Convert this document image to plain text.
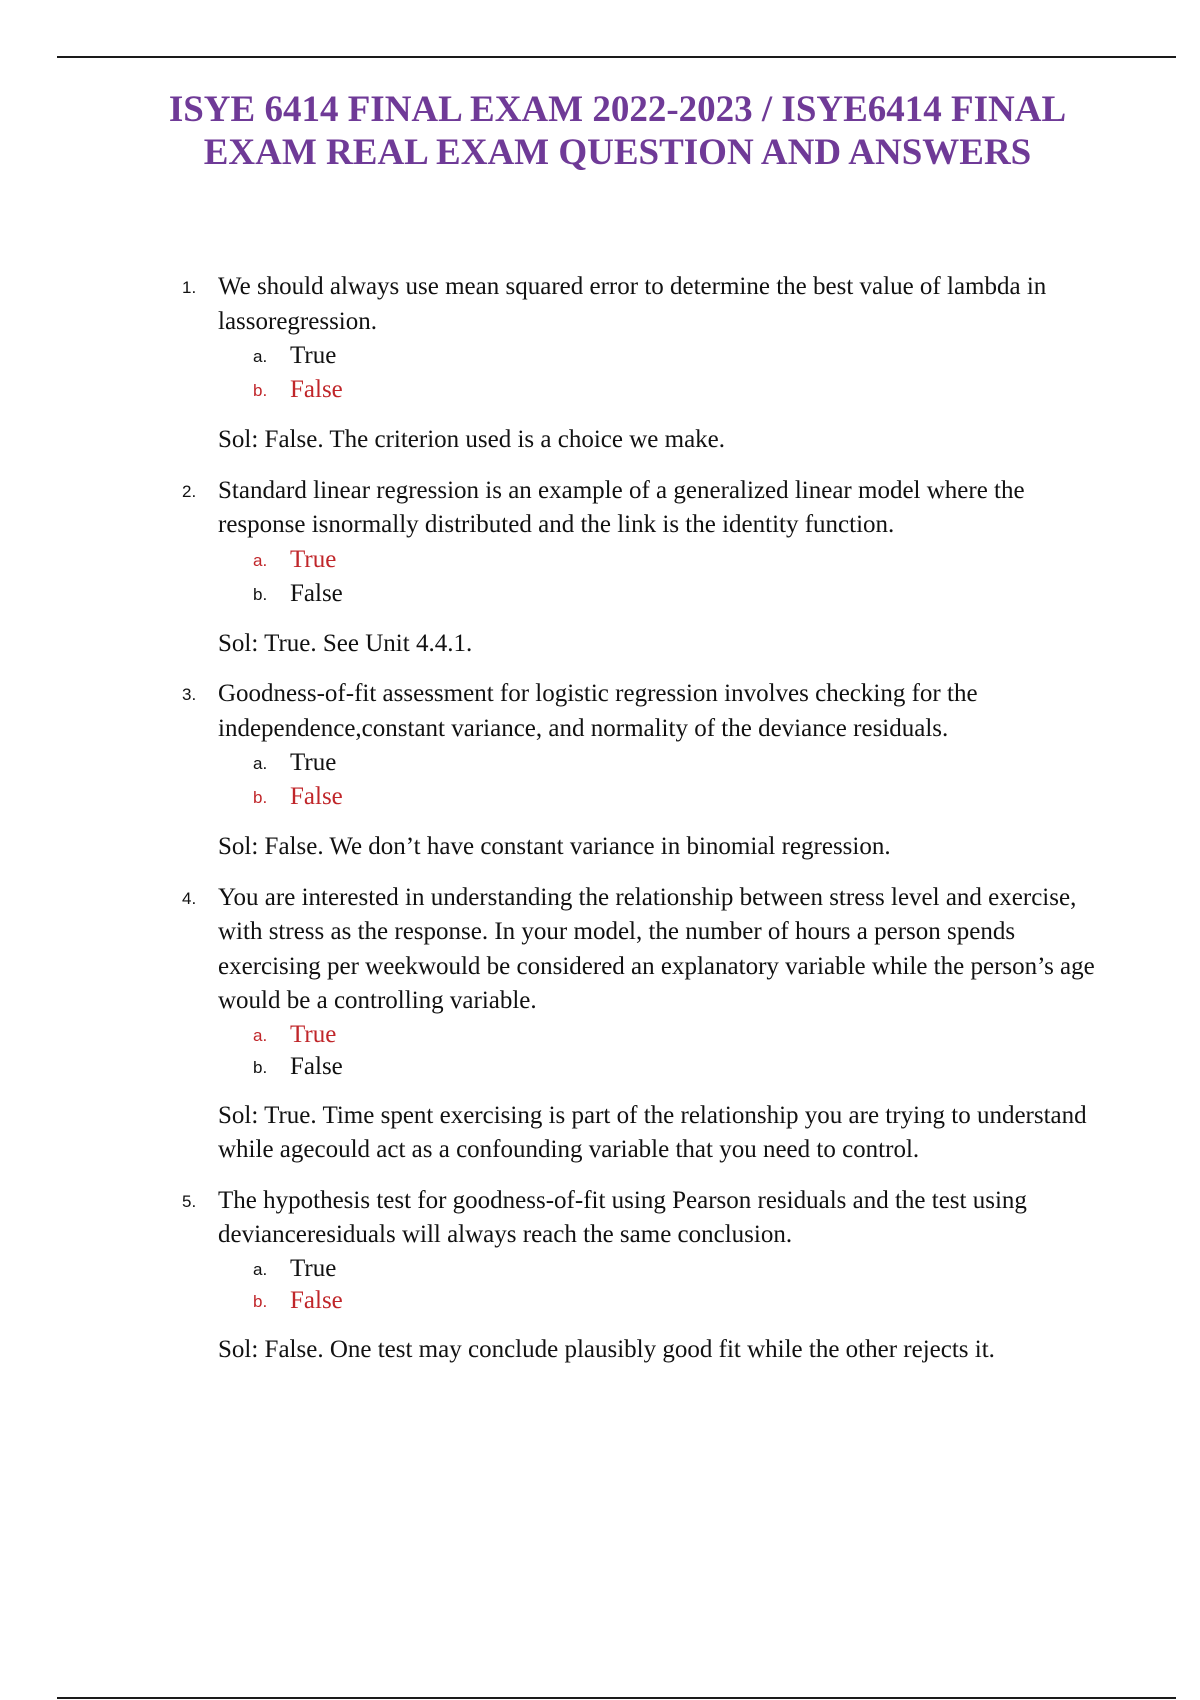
ISYE 6414 FINAL EXAM 2022-2023 / ISYE6414 FINAL
EXAM REAL EXAM QUESTION AND ANSWERS
1. We should always use mean squared error to determine the best value of lambda in lassoregression.
a. True
b. False
Sol: False. The criterion used is a choice we make.
2. Standard linear regression is an example of a generalized linear model where the response isnormally distributed and the link is the identity function.
a. True
b. False
Sol: True. See Unit 4.4.1.
3. Goodness-of-fit assessment for logistic regression involves checking for the independence,constant variance, and normality of the deviance residuals.
a. True
b. False
Sol: False. We don’t have constant variance in binomial regression.
4. You are interested in understanding the relationship between stress level and exercise, with stress as the response. In your model, the number of hours a person spends exercising per weekwould be considered an explanatory variable while the person’s age would be a controlling variable.
a. True
b. False
Sol: True. Time spent exercising is part of the relationship you are trying to understand while agecould act as a confounding variable that you need to control.
5. The hypothesis test for goodness-of-fit using Pearson residuals and the test using devianceresiduals will always reach the same conclusion.
a. True
b. False
Sol: False. One test may conclude plausibly good fit while the other rejects it.
